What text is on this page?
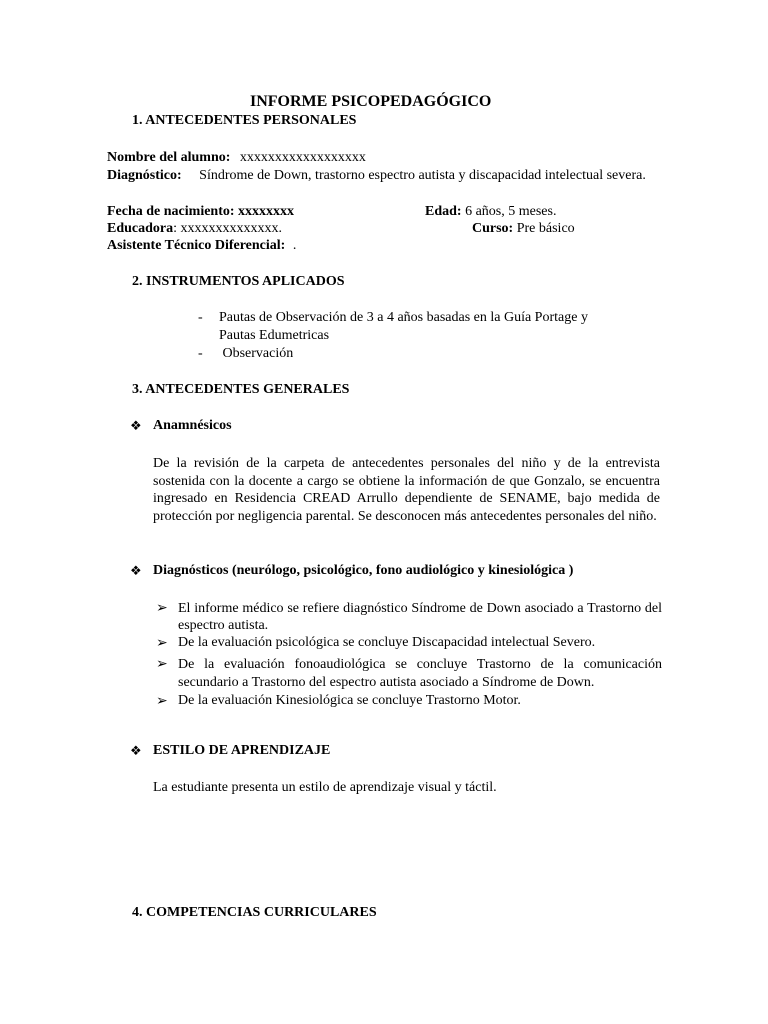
INFORME PSICOPEDAGÓGICO
1. ANTECEDENTES PERSONALES
Nombre del alumno: xxxxxxxxxxxxxxxxxx
Diagnóstico: Síndrome de Down, trastorno espectro autista y discapacidad intelectual severa.
Fecha de nacimiento: xxxxxxxx	Edad: 6 años, 5 meses.
Educadora: xxxxxxxxxxxxxx.	Curso: Pre básico
Asistente Técnico Diferencial: .
2. INSTRUMENTOS APLICADOS
- Pautas de Observación de 3 a 4 años basadas en la Guía Portage y
Pautas Edumetricas
- Observación
3. ANTECEDENTES GENERALES
❖ Anamnésicos
De la revisión de la carpeta de antecedentes personales del niño y de la entrevista sostenida con la docente a cargo se obtiene la información de que Gonzalo, se encuentra ingresado en Residencia CREAD Arrullo dependiente de SENAME, bajo medida de protección por negligencia parental. Se desconocen más antecedentes personales del niño.
❖ Diagnósticos (neurólogo, psicológico, fono audiológico y kinesiológica )
➢ El informe médico se refiere diagnóstico Síndrome de Down asociado a Trastorno del espectro autista.
➢ De la evaluación psicológica se concluye Discapacidad intelectual Severo.
➢ De la evaluación fonoaudiológica se concluye Trastorno de la comunicación secundario a Trastorno del espectro autista asociado a Síndrome de Down.
➢ De la evaluación Kinesiológica se concluye Trastorno Motor.
❖ ESTILO DE APRENDIZAJE
La estudiante presenta un estilo de aprendizaje visual y táctil.
4. COMPETENCIAS CURRICULARES
